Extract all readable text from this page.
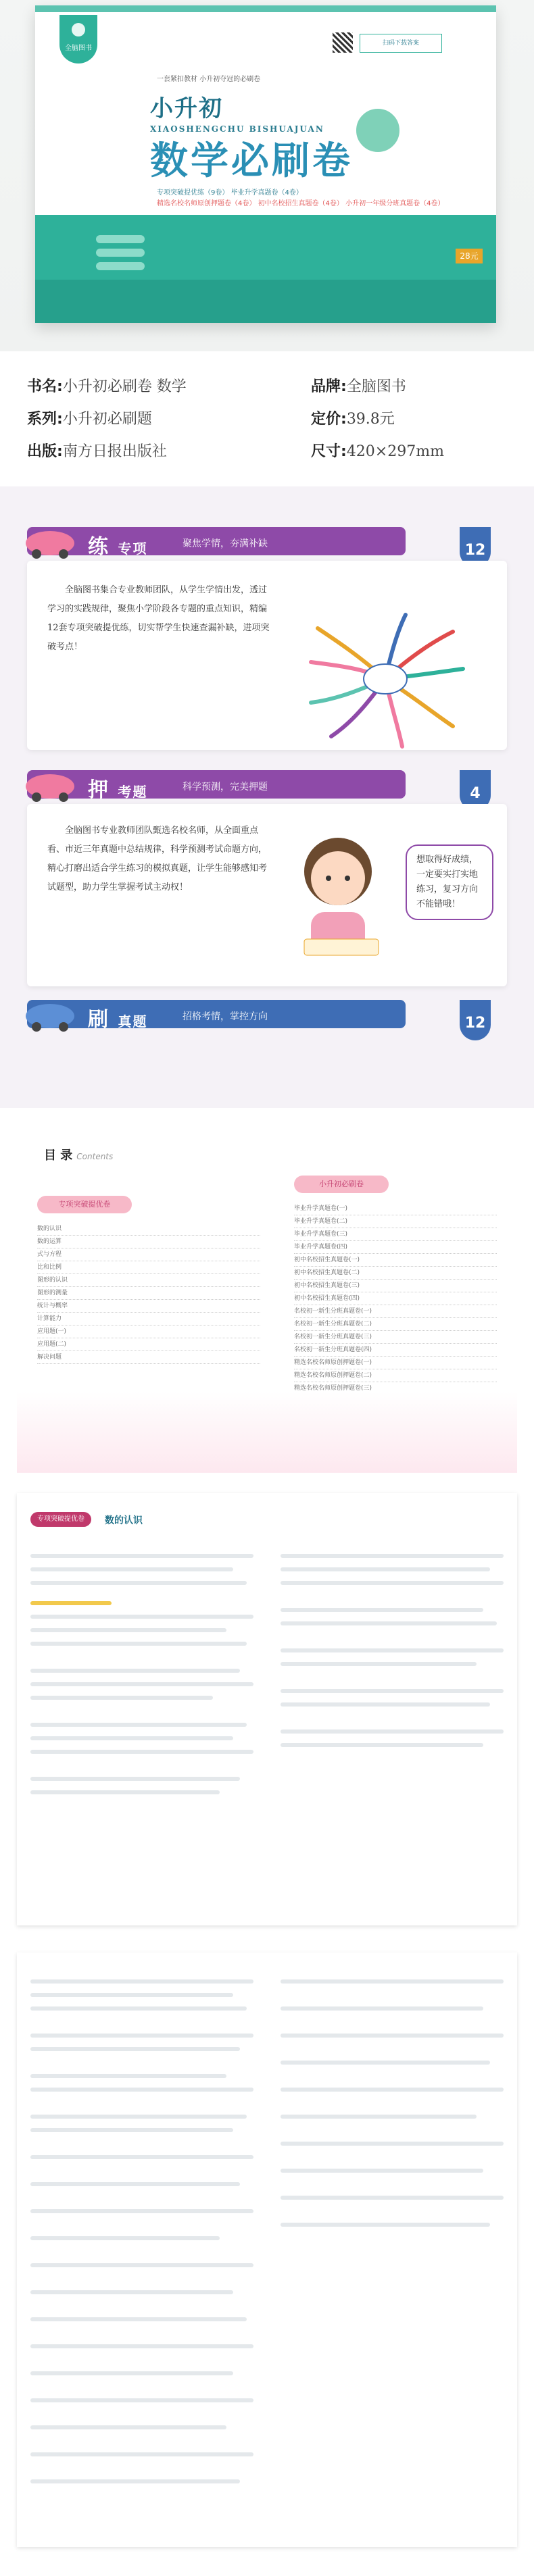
全脑图书
扫码下载答案
一套紧扣教材 小升初夺冠的必刷卷
小升初
XIAOSHENGCHU BISHUAJUAN
数学必刷卷
专项突破提优练（9卷） 毕业升学真题卷（4卷）
精选名校名师原创押题卷（4卷） 初中名校招生真题卷（4卷） 小升初一年级分班真题卷（4卷）
28元
书名:小升初必刷卷 数学	品牌:全脑图书
系列:小升初必刷题	定价:39.8元
出版:南方日报出版社	尺寸:420×297mm
练 专项	聚焦学情，夯满补缺	12
全脑图书集合专业教师团队，从学生学情出发，透过学习的实践规律，聚焦小学阶段各专题的重点知识，精编12套专项突破提优练，切实帮学生快速查漏补缺，进项突破考点！
押 考题	科学预测，完美押题	4
全脑图书专业教师团队甄选名校名师，从全面重点看、市近三年真题中总结规律，科学预测考试命题方向，精心打磨出适合学生练习的模拟真题，让学生能够感知考试题型，助力学生掌握考试主动权！
想取得好成绩，一定要实打实地练习，复习方向不能错哦！
刷 真题	招格考情，掌控方向	12
目 录 Contents
专项突破提优卷
数的认识
数的运算
式与方程
比和比例
图形的认识
图形的测量
统计与概率
计算能力
应用题(一)
应用题(二)
解决问题
小升初必刷卷
毕业升学真题卷(一)
毕业升学真题卷(二)
毕业升学真题卷(三)
毕业升学真题卷(四)
初中名校招生真题卷(一)
初中名校招生真题卷(二)
初中名校招生真题卷(三)
初中名校招生真题卷(四)
名校初一新生分班真题卷(一)
名校初一新生分班真题卷(二)
名校初一新生分班真题卷(三)
名校初一新生分班真题卷(四)
精选名校名师原创押题卷(一)
精选名校名师原创押题卷(二)
精选名校名师原创押题卷(三)
数的认识
专项突破提优卷
